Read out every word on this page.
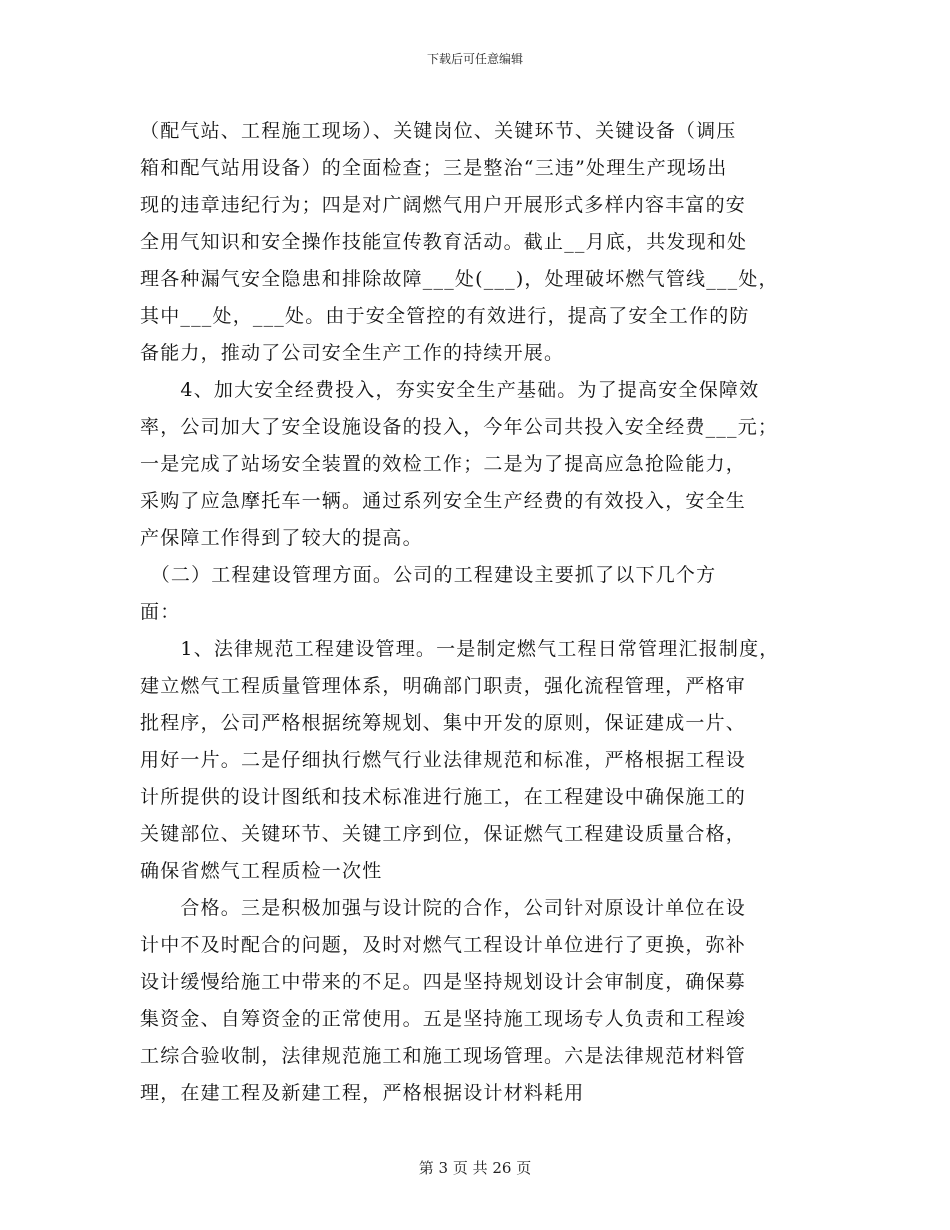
下载后可任意编辑
（配气站、工程施工现场）、关键岗位、关键环节、关键设备（调压
箱和配气站用设备）的全面检查；三是整治“三违”处理生产现场出
现的违章违纪行为；四是对广阔燃气用户开展形式多样内容丰富的安
全用气知识和安全操作技能宣传教育活动。截止__月底，共发现和处
理各种漏气安全隐患和排除故障___处(___)，处理破坏燃气管线___处，
其中___处，___处。由于安全管控的有效进行，提高了安全工作的防
备能力，推动了公司安全生产工作的持续开展。
　　4、加大安全经费投入，夯实安全生产基础。为了提高安全保障效
率，公司加大了安全设施设备的投入，今年公司共投入安全经费___元；
一是完成了站场安全装置的效检工作；二是为了提高应急抢险能力，
采购了应急摩托车一辆。通过系列安全生产经费的有效投入，安全生
产保障工作得到了较大的提高。
　（二）工程建设管理方面。公司的工程建设主要抓了以下几个方
面：
　　1、法律规范工程建设管理。一是制定燃气工程日常管理汇报制度，
建立燃气工程质量管理体系，明确部门职责，强化流程管理，严格审
批程序，公司严格根据统筹规划、集中开发的原则，保证建成一片、
用好一片。二是仔细执行燃气行业法律规范和标准，严格根据工程设
计所提供的设计图纸和技术标准进行施工，在工程建设中确保施工的
关键部位、关键环节、关键工序到位，保证燃气工程建设质量合格，
确保省燃气工程质检一次性
　　合格。三是积极加强与设计院的合作，公司针对原设计单位在设
计中不及时配合的问题，及时对燃气工程设计单位进行了更换，弥补
设计缓慢给施工中带来的不足。四是坚持规划设计会审制度，确保募
集资金、自筹资金的正常使用。五是坚持施工现场专人负责和工程竣
工综合验收制，法律规范施工和施工现场管理。六是法律规范材料管
理，在建工程及新建工程，严格根据设计材料耗用
第 3 页 共 26 页
